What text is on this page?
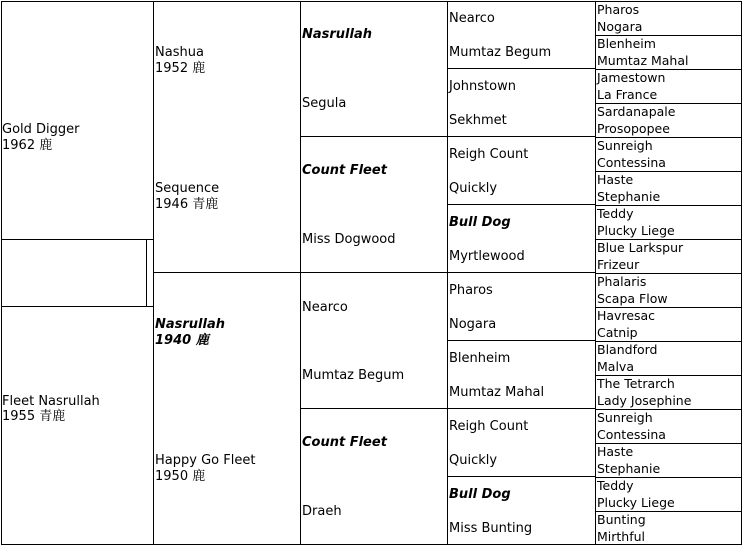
Gold Digger
1962 鹿
Fleet Nasrullah
1955 青鹿
Nashua
1952 鹿
Sequence
1946 青鹿
Nasrullah
1940 鹿
Happy Go Fleet
1950 鹿
Nasrullah
Segula
Count Fleet
Miss Dogwood
Nearco
Mumtaz Begum
Count Fleet
Draeh
Nearco
Mumtaz Begum
Johnstown
Sekhmet
Reigh Count
Quickly
Bull Dog
Myrtlewood
Pharos
Nogara
Blenheim
Mumtaz Mahal
Reigh Count
Quickly
Bull Dog
Miss Bunting
Pharos
Nogara
Blenheim
Mumtaz Mahal
Jamestown
La France
Sardanapale
Prosopopee
Sunreigh
Contessina
Haste
Stephanie
Teddy
Plucky Liege
Blue Larkspur
Frizeur
Phalaris
Scapa Flow
Havresac
Catnip
Blandford
Malva
The Tetrarch
Lady Josephine
Sunreigh
Contessina
Haste
Stephanie
Teddy
Plucky Liege
Bunting
Mirthful
